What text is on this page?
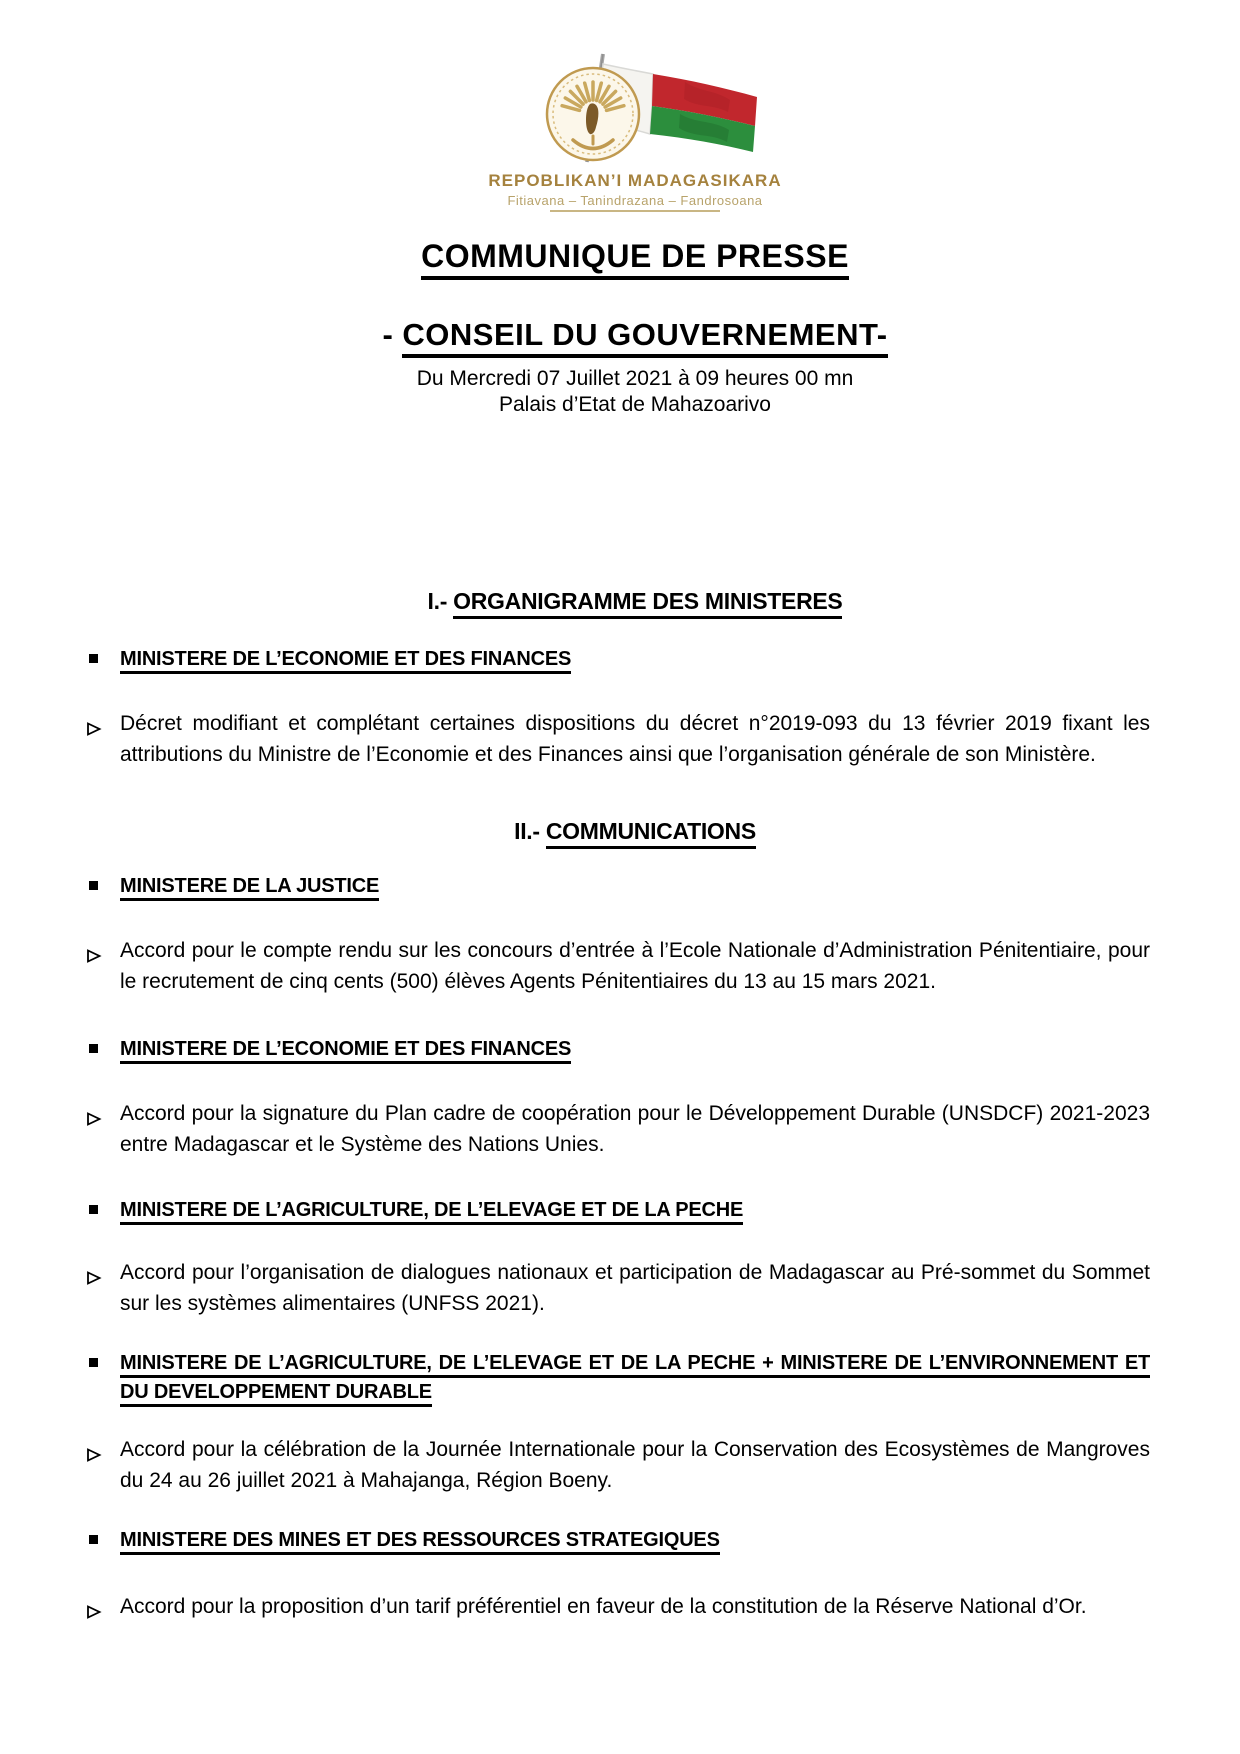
REPOBLIKAN’I MADAGASIKARA
Fitiavana – Tanindrazana – Fandrosoana
COMMUNIQUE DE PRESSE
- CONSEIL DU GOUVERNEMENT-
Du Mercredi 07 Juillet 2021 à 09 heures 00 mn
Palais d’Etat de Mahazoarivo
I.- ORGANIGRAMME DES MINISTERES
MINISTERE DE L’ECONOMIE ET DES FINANCES
Décret modifiant et complétant certaines dispositions du décret n°2019-093 du 13 février 2019 fixant les attributions du Ministre de l’Economie et des Finances ainsi que l’organisation générale de son Ministère.
II.- COMMUNICATIONS
MINISTERE DE LA JUSTICE
Accord pour le compte rendu sur les concours d’entrée à l’Ecole Nationale d’Administration Pénitentiaire, pour le recrutement de cinq cents (500) élèves Agents Pénitentiaires du 13 au 15 mars 2021.
MINISTERE DE L’ECONOMIE ET DES FINANCES
Accord pour la signature du Plan cadre de coopération pour le Développement Durable (UNSDCF) 2021-2023 entre Madagascar et le Système des Nations Unies.
MINISTERE DE L’AGRICULTURE, DE L’ELEVAGE ET DE LA PECHE
Accord pour l’organisation de dialogues nationaux et participation de Madagascar au Pré-sommet du Sommet sur les systèmes alimentaires (UNFSS 2021).
MINISTERE DE L’AGRICULTURE, DE L’ELEVAGE ET DE LA PECHE + MINISTERE DE L’ENVIRONNEMENT ET DU DEVELOPPEMENT DURABLE
Accord pour la célébration de la Journée Internationale pour la Conservation des Ecosystèmes de Mangroves du 24 au 26 juillet 2021 à Mahajanga, Région Boeny.
MINISTERE DES MINES ET DES RESSOURCES STRATEGIQUES
Accord pour la proposition d’un tarif préférentiel en faveur de la constitution de la Réserve National d’Or.
